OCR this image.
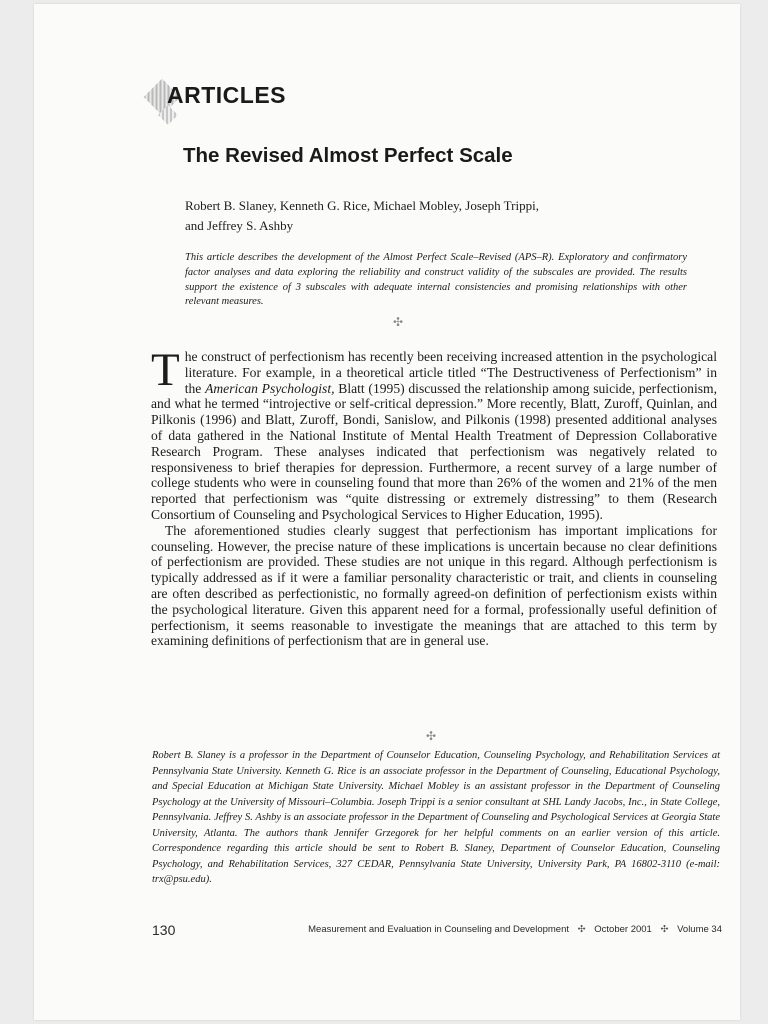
ARTICLES
The Revised Almost Perfect Scale
Robert B. Slaney, Kenneth G. Rice, Michael Mobley, Joseph Trippi,
and Jeffrey S. Ashby
This article describes the development of the Almost Perfect Scale–Revised (APS–R). Exploratory and confirmatory factor analyses and data exploring the reliability and construct validity of the subscales are provided. The results support the existence of 3 subscales with adequate internal consistencies and promising relationships with other relevant measures.
✣

The construct of perfectionism has recently been receiving increased attention in the psychological literature. For example, in a theoretical article titled “The Destructiveness of Perfectionism” in the American Psychologist, Blatt (1995) discussed the relationship among suicide, perfectionism, and what he termed “introjective or self-critical depression.” More recently, Blatt, Zuroff, Quinlan, and Pilkonis (1996) and Blatt, Zuroff, Bondi, Sanislow, and Pilkonis (1998) presented additional analyses of data gathered in the National Institute of Mental Health Treatment of Depression Collaborative Research Program. These analyses indicated that perfectionism was negatively related to responsiveness to brief therapies for depression. Furthermore, a recent survey of a large number of college students who were in counseling found that more than 26% of the women and 21% of the men reported that perfectionism was “quite distressing or extremely distressing” to them (Research Consortium of Counseling and Psychological Services to Higher Education, 1995).

The aforementioned studies clearly suggest that perfectionism has important implications for counseling. However, the precise nature of these implications is uncertain because no clear definitions of perfectionism are provided. These studies are not unique in this regard. Although perfectionism is typically addressed as if it were a familiar personality characteristic or trait, and clients in counseling are often described as perfectionistic, no formally agreed-on definition of perfectionism exists within the psychological literature. Given this apparent need for a formal, professionally useful definition of perfectionism, it seems reasonable to investigate the meanings that are attached to this term by examining definitions of perfectionism that are in general use.

✣
Robert B. Slaney is a professor in the Department of Counselor Education, Counseling Psychology, and Rehabilitation Services at Pennsylvania State University. Kenneth G. Rice is an associate professor in the Department of Counseling, Educational Psychology, and Special Education at Michigan State University. Michael Mobley is an assistant professor in the Department of Counseling Psychology at the University of Missouri–Columbia. Joseph Trippi is a senior consultant at SHL Landy Jacobs, Inc., in State College, Pennsylvania. Jeffrey S. Ashby is an associate professor in the Department of Counseling and Psychological Services at Georgia State University, Atlanta. The authors thank Jennifer Grzegorek for her helpful comments on an earlier version of this article. Correspondence regarding this article should be sent to Robert B. Slaney, Department of Counselor Education, Counseling Psychology, and Rehabilitation Services, 327 CEDAR, Pennsylvania State University, University Park, PA 16802-3110 (e-mail: trx@psu.edu).
130	Measurement and Evaluation in Counseling and Development ✣ October 2001 ✣ Volume 34
